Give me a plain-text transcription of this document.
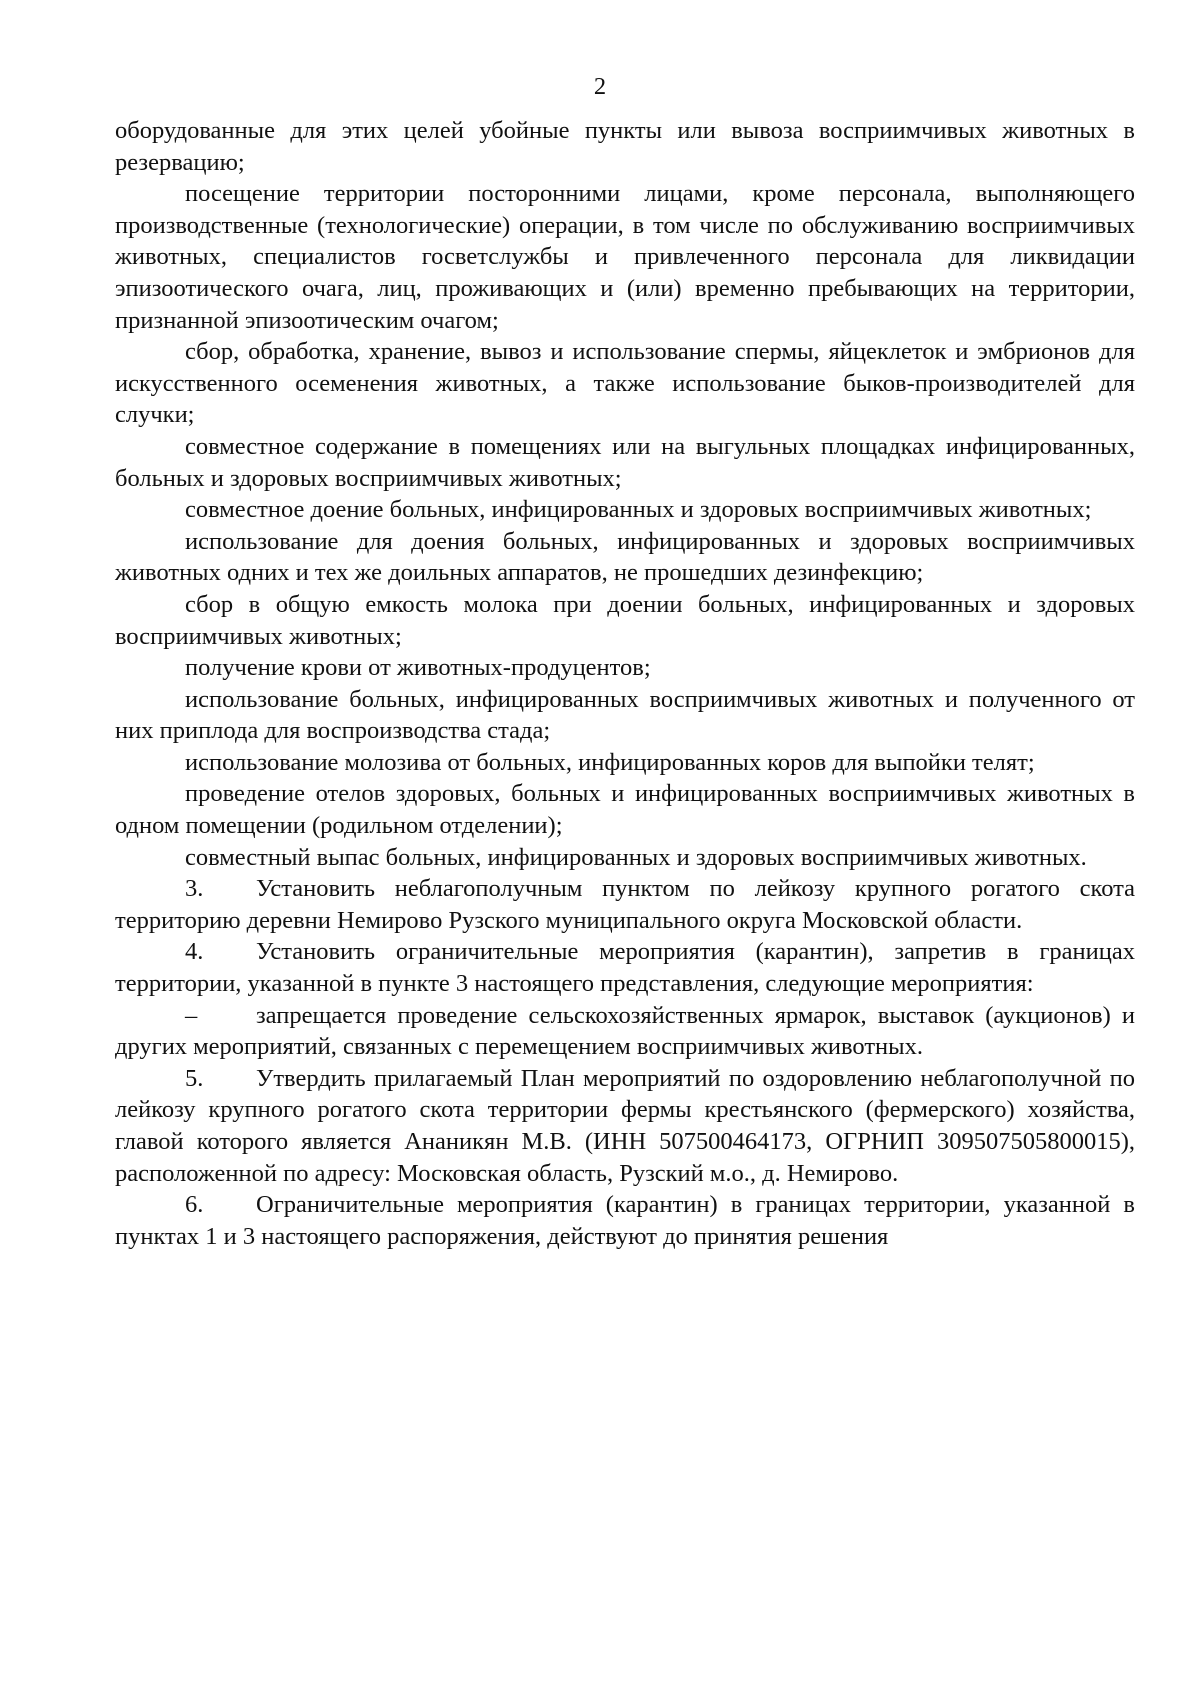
2

оборудованные для этих целей убойные пункты или вывоза восприимчивых животных в резервацию;

посещение территории посторонними лицами, кроме персонала, выполняющего производственные (технологические) операции, в том числе по обслуживанию восприимчивых животных, специалистов госветслужбы и привлеченного персонала для ликвидации эпизоотического очага, лиц, проживающих и (или) временно пребывающих на территории, признанной эпизоотическим очагом;

сбор, обработка, хранение, вывоз и использование спермы, яйцеклеток и эмбрионов для искусственного осеменения животных, а также использование быков-производителей для случки;

совместное содержание в помещениях или на выгульных площадках инфицированных, больных и здоровых восприимчивых животных;

совместное доение больных, инфицированных и здоровых восприимчивых животных;

использование для доения больных, инфицированных и здоровых восприимчивых животных одних и тех же доильных аппаратов, не прошедших дезинфекцию;

сбор в общую емкость молока при доении больных, инфицированных и здоровых восприимчивых животных;

получение крови от животных-продуцентов;

использование больных, инфицированных восприимчивых животных и полученного от них приплода для воспроизводства стада;

использование молозива от больных, инфицированных коров для выпойки телят;

проведение отелов здоровых, больных и инфицированных восприимчивых животных в одном помещении (родильном отделении);

совместный выпас больных, инфицированных и здоровых восприимчивых животных.

3. Установить неблагополучным пунктом по лейкозу крупного рогатого скота территорию деревни Немирово Рузского муниципального округа Московской области.

4. Установить ограничительные мероприятия (карантин), запретив в границах территории, указанной в пункте 3 настоящего представления, следующие мероприятия:

– запрещается проведение сельскохозяйственных ярмарок, выставок (аукционов) и других мероприятий, связанных с перемещением восприимчивых животных.

5. Утвердить прилагаемый План мероприятий по оздоровлению неблагополучной по лейкозу крупного рогатого скота территории фермы крестьянского (фермерского) хозяйства, главой которого является Ананикян М.В. (ИНН 507500464173, ОГРНИП 309507505800015), расположенной по адресу: Московская область, Рузский м.о., д. Немирово.

6. Ограничительные мероприятия (карантин) в границах территории, указанной в пунктах 1 и 3 настоящего распоряжения, действуют до принятия решения
